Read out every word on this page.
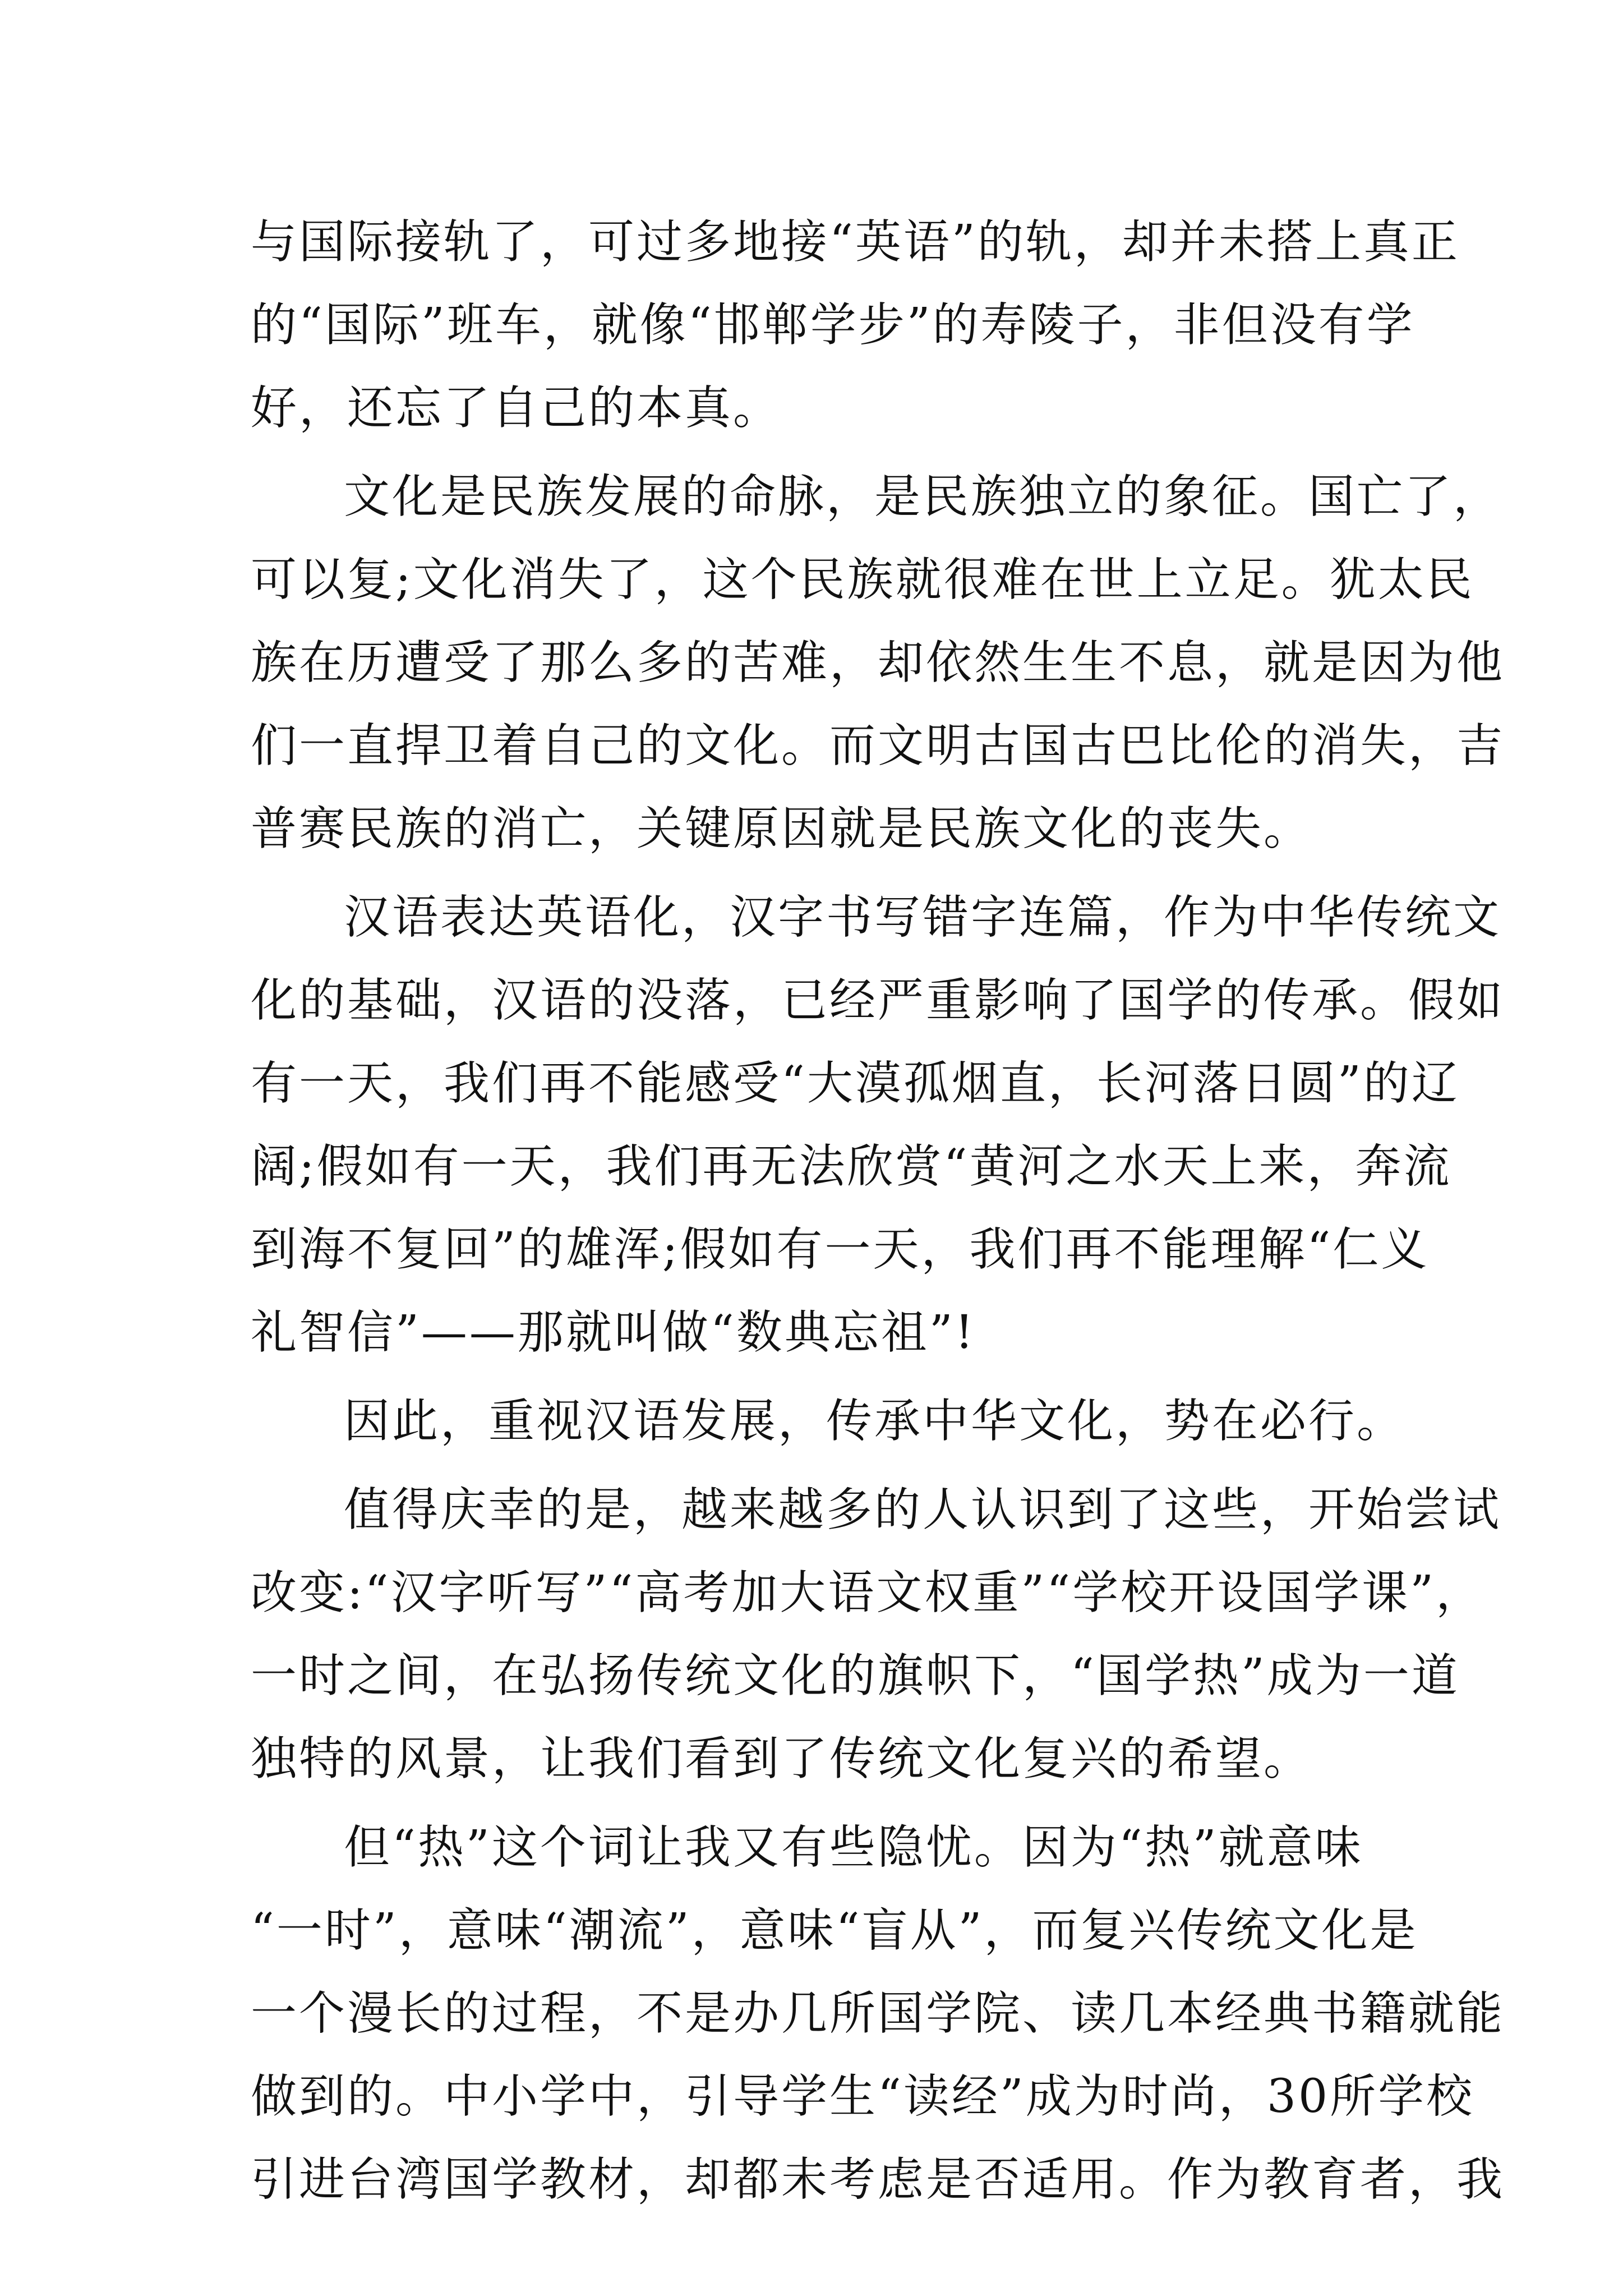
与国际接轨了，可过多地接“英语”的轨，却并未搭上真正
的“国际”班车，就像“邯郸学步”的寿陵子，非但没有学
好，还忘了自己的本真。
文化是民族发展的命脉，是民族独立的象征。国亡了，
可以复;文化消失了，这个民族就很难在世上立足。犹太民
族在历遭受了那么多的苦难，却依然生生不息，就是因为他
们一直捍卫着自己的文化。而文明古国古巴比伦的消失，吉
普赛民族的消亡，关键原因就是民族文化的丧失。
汉语表达英语化，汉字书写错字连篇，作为中华传统文
化的基础，汉语的没落，已经严重影响了国学的传承。假如
有一天，我们再不能感受“大漠孤烟直，长河落日圆”的辽
阔;假如有一天，我们再无法欣赏“黄河之水天上来，奔流
到海不复回”的雄浑;假如有一天，我们再不能理解“仁义
礼智信”——那就叫做“数典忘祖”!
因此，重视汉语发展，传承中华文化，势在必行。
值得庆幸的是，越来越多的人认识到了这些，开始尝试
改变:“汉字听写”“高考加大语文权重”“学校开设国学课”，
一时之间，在弘扬传统文化的旗帜下，“国学热”成为一道
独特的风景，让我们看到了传统文化复兴的希望。
但“热”这个词让我又有些隐忧。因为“热”就意味
“一时”，意味“潮流”，意味“盲从”，而复兴传统文化是
一个漫长的过程，不是办几所国学院、读几本经典书籍就能
做到的。中小学中，引导学生“读经”成为时尚，30所学校
引进台湾国学教材，却都未考虑是否适用。作为教育者，我
